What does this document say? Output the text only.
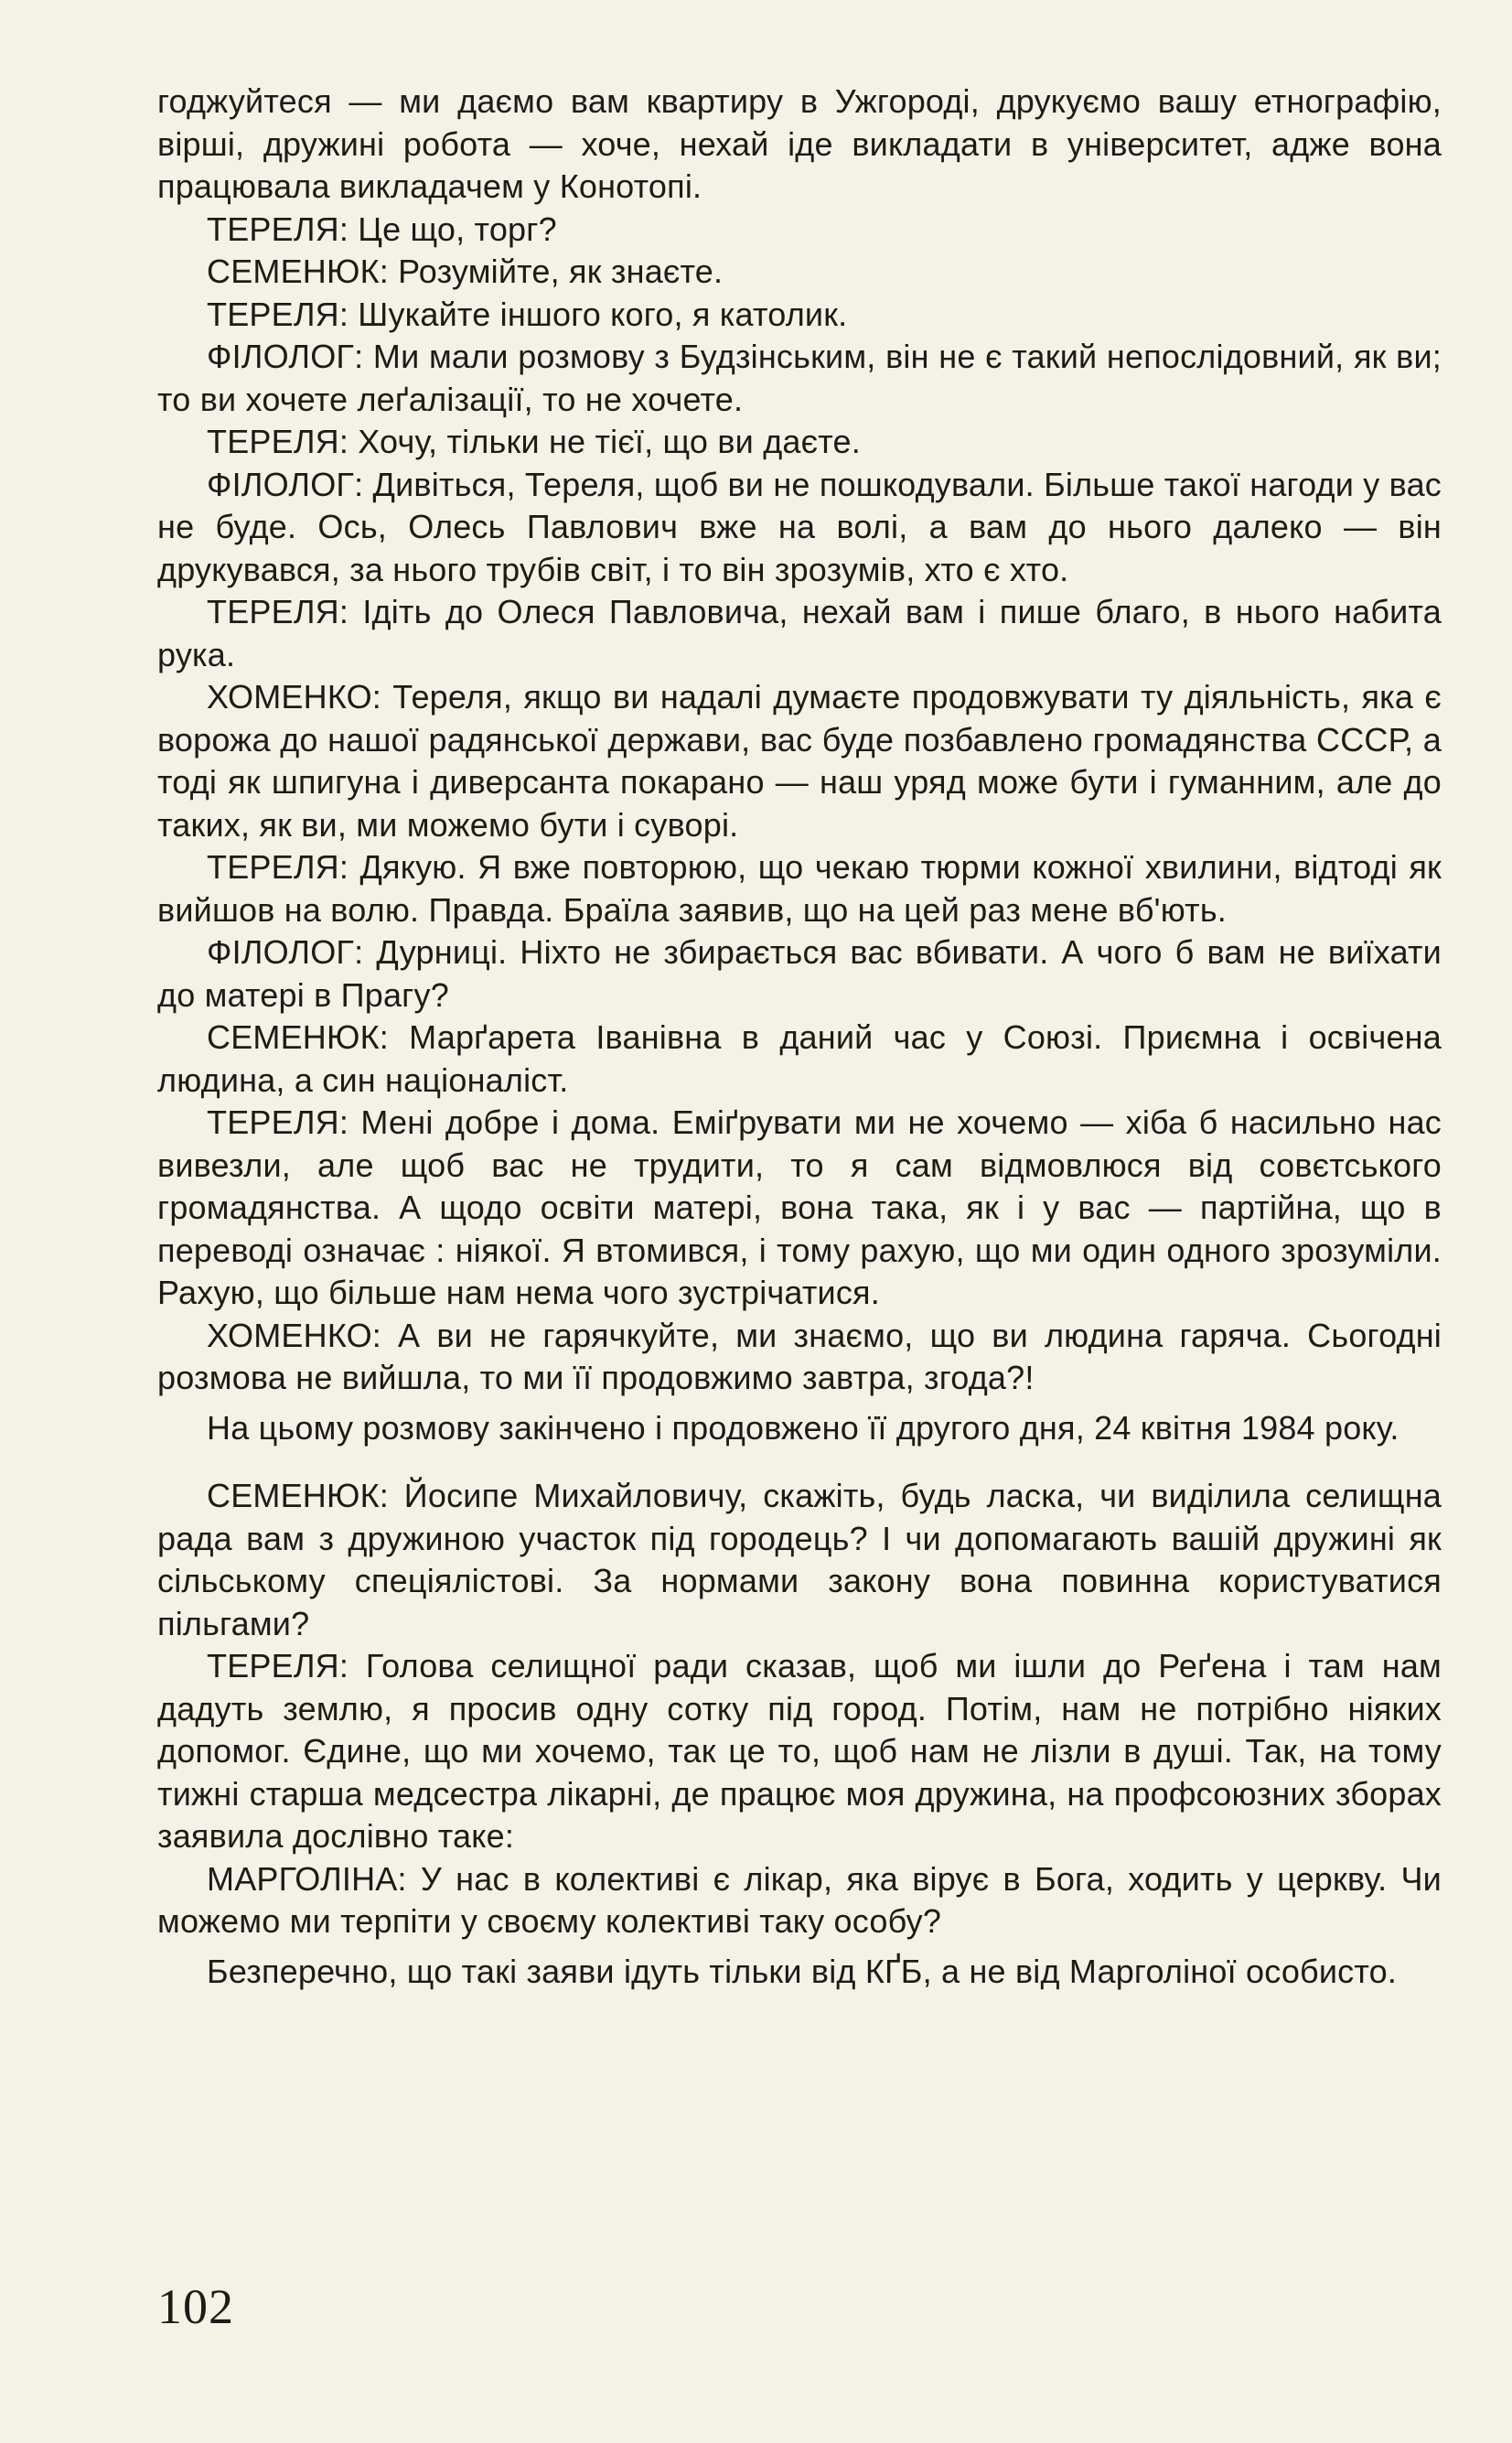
годжуйтеся — ми даємо вам квартиру в Ужгороді, друкуємо вашу етнографію, вірші, дружині робота — хоче, нехай іде викладати в університет, адже вона працювала викладачем у Конотопі.

ТЕРЕЛЯ: Це що, торг?

СЕМЕНЮК: Розумійте, як знаєте.

ТЕРЕЛЯ: Шукайте іншого кого, я католик.

ФІЛОЛОГ: Ми мали розмову з Будзінським, він не є такий непослідовний, як ви; то ви хочете леґалізації, то не хочете.

ТЕРЕЛЯ: Хочу, тільки не тієї, що ви даєте.

ФІЛОЛОГ: Дивіться, Тереля, щоб ви не пошкодували. Більше такої нагоди у вас не буде. Ось, Олесь Павлович вже на волі, а вам до нього далеко — він друкувався, за нього трубів світ, і то він зрозумів, хто є хто.

ТЕРЕЛЯ: Ідіть до Олеся Павловича, нехай вам і пише благо, в нього набита рука.

ХОМЕНКО: Тереля, якщо ви надалі думаєте продовжувати ту діяльність, яка є ворожа до нашої радянської держави, вас буде позбавлено громадянства СССР, а тоді як шпигуна і диверсанта покарано — наш уряд може бути і гуманним, але до таких, як ви, ми можемо бути і суворі.

ТЕРЕЛЯ: Дякую. Я вже повторюю, що чекаю тюрми кожної хвилини, відтоді як вийшов на волю. Правда. Браїла заявив, що на цей раз мене вб'ють.

ФІЛОЛОГ: Дурниці. Ніхто не збирається вас вбивати. А чого б вам не виїхати до матері в Прагу?

СЕМЕНЮК: Марґарета Іванівна в даний час у Союзі. Приємна і освічена людина, а син націоналіст.

ТЕРЕЛЯ: Мені добре і дома. Еміґрувати ми не хочемо — хіба б насильно нас вивезли, але щоб вас не трудити, то я сам відмовлюся від совєтського громадянства. А щодо освіти матері, вона така, як і у вас — партійна, що в переводі означає : ніякої. Я втомився, і тому рахую, що ми один одного зрозуміли. Рахую, що більше нам нема чого зустрічатися.

ХОМЕНКО: А ви не гарячкуйте, ми знаємо, що ви людина гаряча. Сьогодні розмова не вийшла, то ми її продовжимо завтра, згода?!

На цьому розмову закінчено і продовжено її другого дня, 24 квітня 1984 року.

СЕМЕНЮК: Йосипе Михайловичу, скажіть, будь ласка, чи виділила селищна рада вам з дружиною участок під городець? І чи допомагають вашій дружині як сільському спеціялістові. За нормами закону вона повинна користуватися пільгами?

ТЕРЕЛЯ: Голова селищної ради сказав, щоб ми ішли до Реґена і там нам дадуть землю, я просив одну сотку під город. Потім, нам не потрібно ніяких допомог. Єдине, що ми хочемо, так це то, щоб нам не лізли в душі. Так, на тому тижні старша медсестра лікарні, де працює моя дружина, на профсоюзних зборах заявила дослівно таке:

МАРГОЛІНА: У нас в колективі є лікар, яка вірує в Бога, ходить у церкву. Чи можемо ми терпіти у своєму колективі таку особу?

Безперечно, що такі заяви ідуть тільки від КҐБ, а не від Марголіної особисто.

102
